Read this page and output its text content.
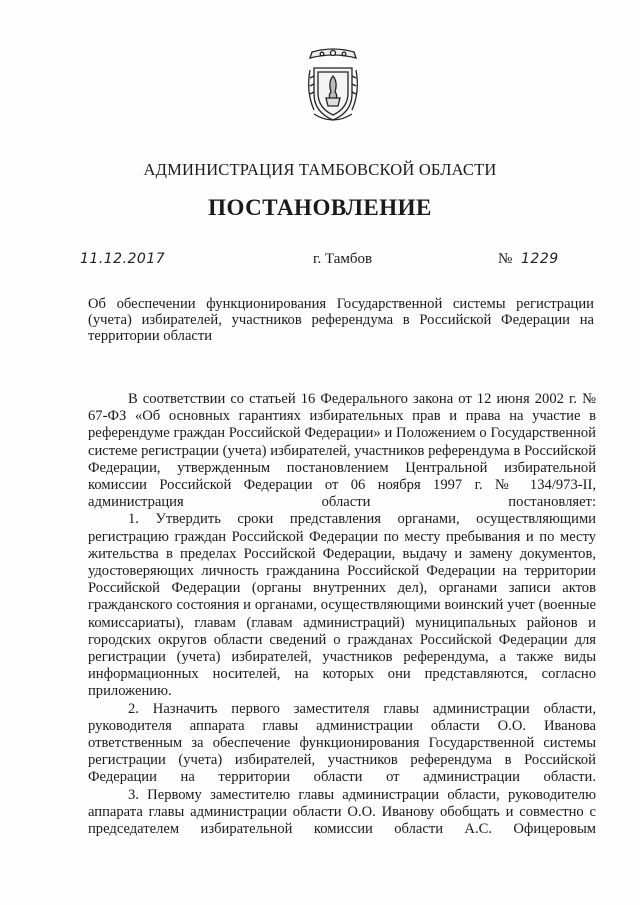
АДМИНИСТРАЦИЯ ТАМБОВСКОЙ ОБЛАСТИ
ПОСТАНОВЛЕНИЕ
11.12.2017	г. Тамбов	№ 1229
Об обеспечении функционирования Государственной системы регистрации (учета) избирателей, участников референдума в Российской Федерации на территории области

В соответствии со статьей 16 Федерального закона от 12 июня 2002 г. № 67-ФЗ «Об основных гарантиях избирательных прав и права на участие в референдуме граждан Российской Федерации» и Положением о Государственной системе регистрации (учета) избирателей, участников референдума в Российской Федерации, утвержденным постановлением Центральной избирательной комиссии Российской Федерации от 06 ноября 1997 г. № 134/973-II, администрация области постановляет:

1. Утвердить сроки представления органами, осуществляющими регистрацию граждан Российской Федерации по месту пребывания и по месту жительства в пределах Российской Федерации, выдачу и замену документов, удостоверяющих личность гражданина Российской Федерации на территории Российской Федерации (органы внутренних дел), органами записи актов гражданского состояния и органами, осуществляющими воинский учет (военные комиссариаты), главам (главам администраций) муниципальных районов и городских округов области сведений о гражданах Российской Федерации для регистрации (учета) избирателей, участников референдума, а также виды информационных носителей, на которых они представляются, согласно приложению.

2. Назначить первого заместителя главы администрации области, руководителя аппарата главы администрации области О.О. Иванова ответственным за обеспечение функционирования Государственной системы регистрации (учета) избирателей, участников референдума в Российской Федерации на территории области от администрации области.

3. Первому заместителю главы администрации области, руководителю аппарата главы администрации области О.О. Иванову обобщать и совместно с председателем избирательной комиссии области А.С. Офицеровым
